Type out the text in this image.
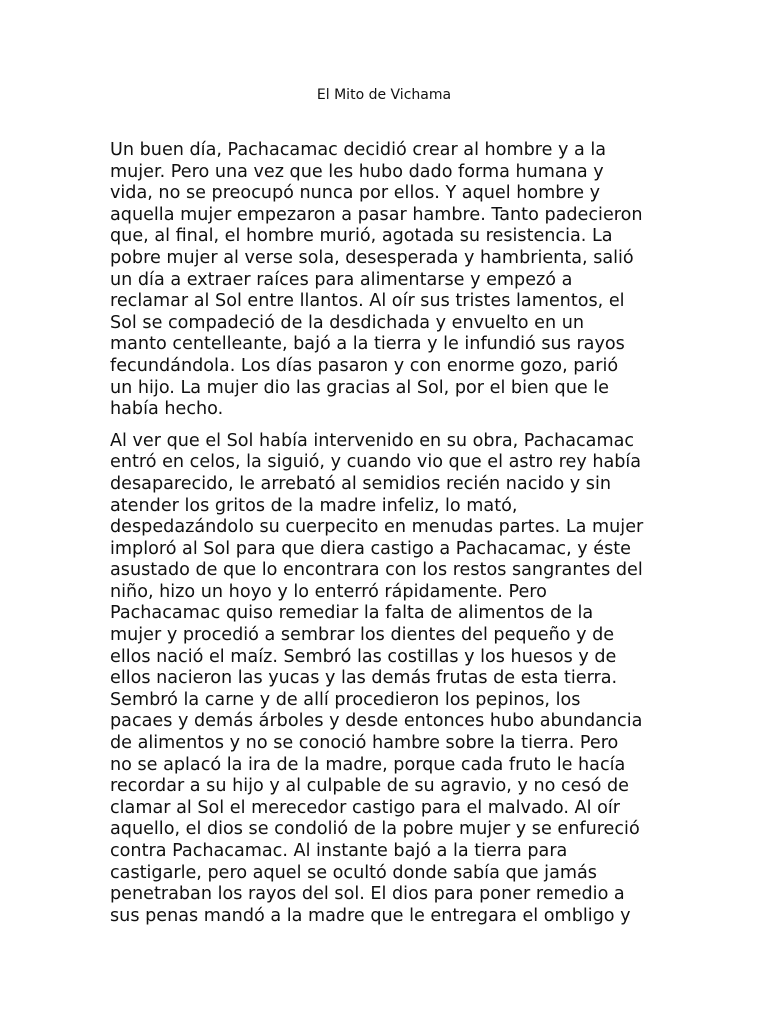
El Mito de Vichama

Un buen día, Pachacamac decidió crear al hombre y a la
mujer. Pero una vez que les hubo dado forma humana y
vida, no se preocupó nunca por ellos. Y aquel hombre y
aquella mujer empezaron a pasar hambre. Tanto padecieron
que, al final, el hombre murió, agotada su resistencia. La
pobre mujer al verse sola, desesperada y hambrienta, salió
un día a extraer raíces para alimentarse y empezó a
reclamar al Sol entre llantos. Al oír sus tristes lamentos, el
Sol se compadeció de la desdichada y envuelto en un
manto centelleante, bajó a la tierra y le infundió sus rayos
fecundándola. Los días pasaron y con enorme gozo, parió
un hijo. La mujer dio las gracias al Sol, por el bien que le
había hecho.

Al ver que el Sol había intervenido en su obra, Pachacamac
entró en celos, la siguió, y cuando vio que el astro rey había
desaparecido, le arrebató al semidios recién nacido y sin
atender los gritos de la madre infeliz, lo mató,
despedazándolo su cuerpecito en menudas partes. La mujer
imploró al Sol para que diera castigo a Pachacamac, y éste
asustado de que lo encontrara con los restos sangrantes del
niño, hizo un hoyo y lo enterró rápidamente. Pero
Pachacamac quiso remediar la falta de alimentos de la
mujer y procedió a sembrar los dientes del pequeño y de
ellos nació el maíz. Sembró las costillas y los huesos y de
ellos nacieron las yucas y las demás frutas de esta tierra.
Sembró la carne y de allí procedieron los pepinos, los
pacaes y demás árboles y desde entonces hubo abundancia
de alimentos y no se conoció hambre sobre la tierra. Pero
no se aplacó la ira de la madre, porque cada fruto le hacía
recordar a su hijo y al culpable de su agravio, y no cesó de
clamar al Sol el merecedor castigo para el malvado. Al oír
aquello, el dios se condolió de la pobre mujer y se enfureció
contra Pachacamac. Al instante bajó a la tierra para
castigarle, pero aquel se ocultó donde sabía que jamás
penetraban los rayos del sol. El dios para poner remedio a
sus penas mandó a la madre que le entregara el ombligo y
